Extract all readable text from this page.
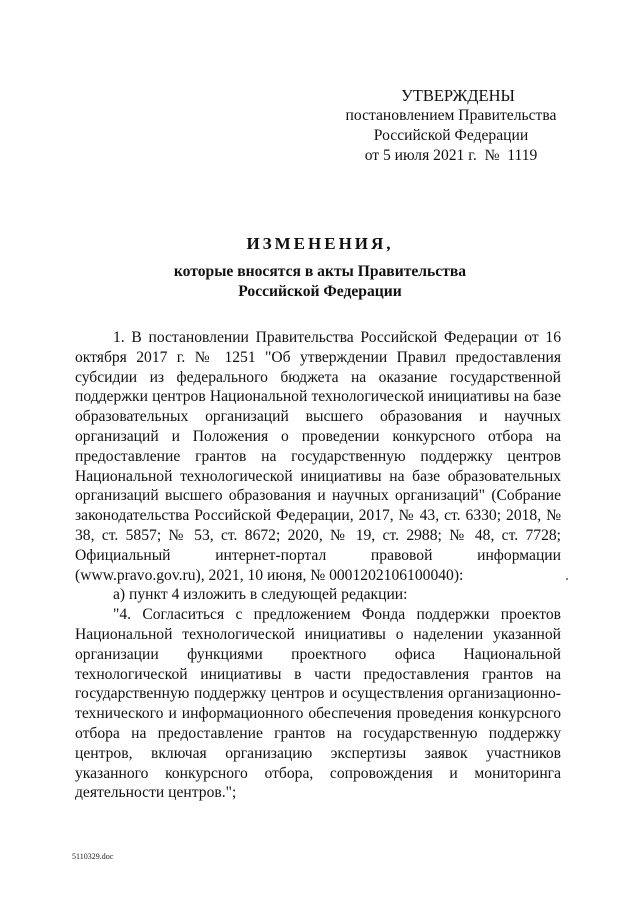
УТВЕРЖДЕНЫ
постановлением Правительства
Российской Федерации
от 5 июля 2021 г. № 1119
ИЗМЕНЕНИЯ,
которые вносятся в акты Правительства
Российской Федерации

1. В постановлении Правительства Российской Федерации от 16 октября 2017 г. № 1251 "Об утверждении Правил предоставления субсидии из федерального бюджета на оказание государственной поддержки центров Национальной технологической инициативы на базе образовательных организаций высшего образования и научных организаций и Положения о проведении конкурсного отбора на предоставление грантов на государственную поддержку центров Национальной технологической инициативы на базе образовательных организаций высшего образования и научных организаций" (Собрание законодательства Российской Федерации, 2017, № 43, ст. 6330; 2018, № 38, ст. 5857; № 53, ст. 8672; 2020, № 19, ст. 2988; № 48, ст. 7728; Официальный интернет-портал правовой информации (www.pravo.gov.ru), 2021, 10 июня, № 0001202106100040):

а) пункт 4 изложить в следующей редакции:

"4. Согласиться с предложением Фонда поддержки проектов Национальной технологической инициативы о наделении указанной организации функциями проектного офиса Национальной технологической инициативы в части предоставления грантов на государственную поддержку центров и осуществления организационно-технического и информационного обеспечения проведения конкурсного отбора на предоставление грантов на государственную поддержку центров, включая организацию экспертизы заявок участников указанного конкурсного отбора, сопровождения и мониторинга деятельности центров.";

5110329.doc
